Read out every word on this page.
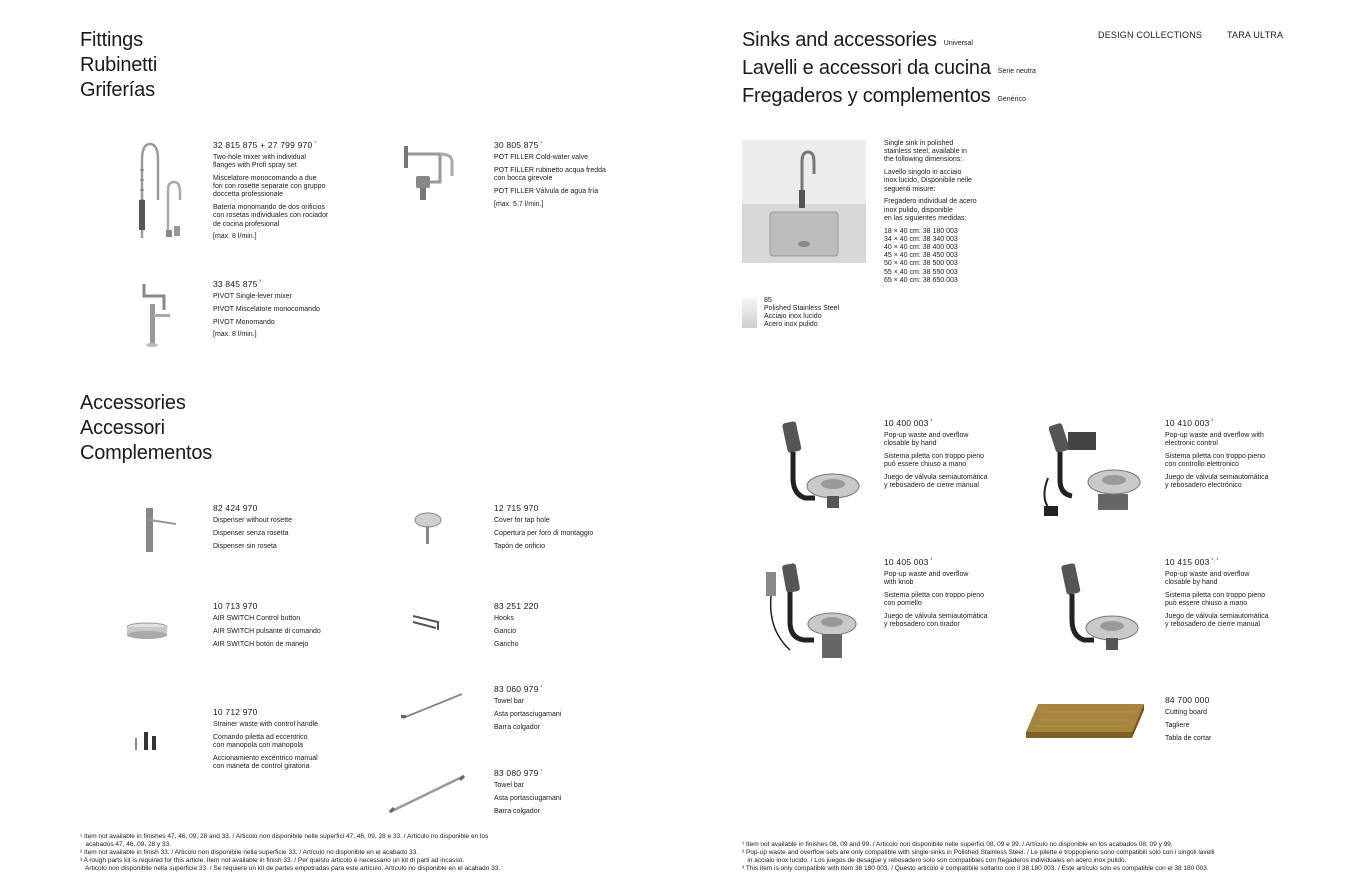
DESIGN COLLECTIONS	TARA ULTRA
Fittings
Rubinetti
Griferías
Accessories
Accessori
Complementos
Sinks and accessories Universal
Lavelli e accessori da cucina Serie neutra
Fregaderos y complementos Genérico
32 815 875 + 27 799 970 $^{^1}$
Two-hole mixer with individual
flanges with Profi spray set
Miscelatore monocomando a due
fori con rosette separate con gruppo
doccetta professionale
Batería monomando de dos orificios
con rosetas individuales con rociador
de cocina profesional
[max. 8 l/min.]
30 805 875 $^{^1}$
POT FILLER Cold-water valve
POT FILLER rubinetto acqua fredda
con bocca girevole
POT FILLER Válvula de agua fría
[max. 5.7 l/min.]
33 845 875 $^{^2}$
PIVOT Single-lever mixer
PIVOT Miscelatore monocomando
PIVOT Monomando
[max. 8 l/min.]
82 424 970
Dispenser without rosette
Dispenser senza rosetta
Dispenser sin roseta
12 715 970
Cover for tap hole
Copertura per foro di montaggio
Tapón de orificio
10 713 970
AIR SWITCH Control button
AIR SWITCH pulsante di comando
AIR SWITCH botón de manejo
83 251 220
Hooks
Gancio
Gancho
10 712 970
Strainer waste with control handle
Comando piletta ad eccentrico
con manopola con manopola
Accionamiento excéntrico manual
con maneta de control giratoria
83 060 979 $^{^1}$
Towel bar
Asta portasciugamani
Barra colgador
83 080 979 $^{^1}$
Towel bar
Asta portasciugamani
Barra colgador
Single sink in polished
stainless steel, available in
the following dimensions:
Lavello singolo in acciaio
inox lucido, Disponibile nelle
seguenti misure:
Fregadero individual de acero
inox pulido, disponible
en las siguientes medidas:
18 × 40 cm: 38 180 003
34 × 40 cm: 38 340 003
40 × 40 cm: 38 400 003
45 × 40 cm: 38 450 003
50 × 40 cm: 38 500 003
55 × 40 cm: 38 550 003
65 × 40 cm: 38 650 003
85
Polished Stainless Steel
Acciaio inox lucido
Acero inox pulido
10 400 003 $^{^3}$
Pop-up waste and overflow
closable by hand
Sistema piletta con troppo pieno
può essere chiuso a mano
Juego de válvula semiautomática
y rebosadero de cierre manual
10 410 003 $^{^3}$
Pop-up waste and overflow with
electronic control
Sistema piletta con troppo pieno
con controllo elettronico
Juego de válvula semiautomática
y rebosadero electrónico
10 405 003 $^{^3}$
Pop-up waste and overflow
with knob
Sistema piletta con troppo pieno
con pomello
Juego de válvula semiautomática
y rebosadero con tirador
10 415 003 $^{^2, ^3}$
Pop-up waste and overflow
closable by hand
Sistema piletta con troppo pieno
può essere chiuso a mano
Juego de válvula semiautomática
y rebosadero de cierre manual
84 700 000
Cutting board
Tagliere
Tabla de cortar
¹ Item not available in finishes 47, 46, 09, 28 and 33. / Articolo non disponibile nelle superfici 47, 46, 09, 28 e 33. / Artículo no disponible en los
acabados 47, 46, 09, 28 y 33.
² Item not available in finish 33. / Articolo non disponibile nella superficie 33. / Artículo no disponible en el acabado 33.
³ A rough parts kit is required for this article. Item not available in finish 33. / Per questo articolo è necessario un kit di parti ad incasso.
Articolo non disponibile nella superficie 33. / Se requiere un kit de partes empotradas para este artículo. Artículo no disponible en el acabado 33.
¹ Item not available in finishes 08, 09 and 99. / Articolo non disponibile nelle superfici 08, 09 e 99. / Artículo no disponible en los acabados 08, 09 y 99.
² Pop-up waste and overflow sets are only compatible with single sinks in Polished Stainless Steel. / Le pilette e troppopieno sono compatibili solo con i singoli lavelli
in acciaio inox lucido. / Los juegos de desagüe y rebosadero solo son compatibles con fregaderos individuales en acero inox pulido.
³ This item is only compatible with item 38 180 003. / Questo articolo è compatibile soltanto con il 38 180 003. / Este artículo solo es compatible con el 38 180 003.
